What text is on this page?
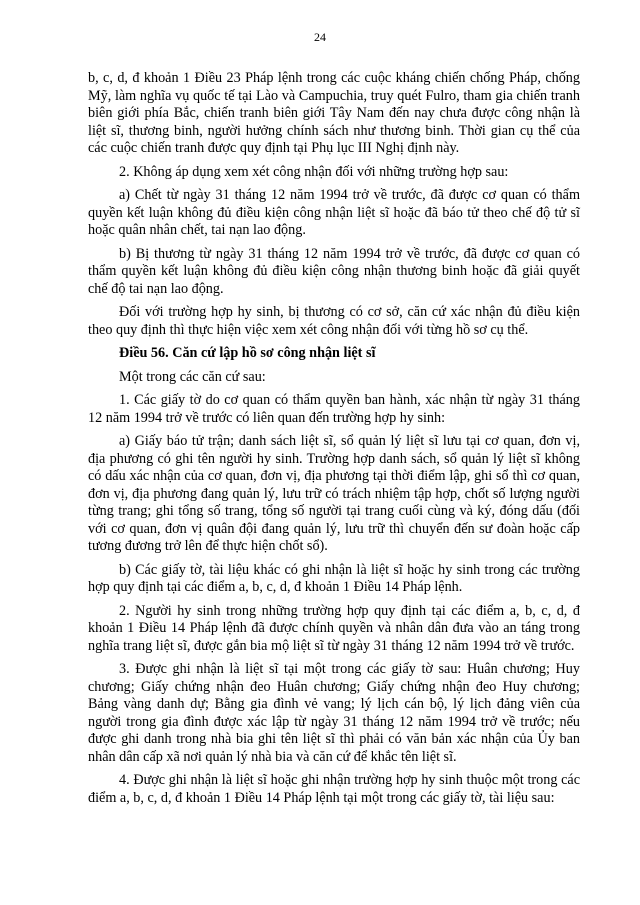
24

b, c, d, đ khoản 1 Điều 23 Pháp lệnh trong các cuộc kháng chiến chống Pháp, chống Mỹ, làm nghĩa vụ quốc tế tại Lào và Campuchia, truy quét Fulro, tham gia chiến tranh biên giới phía Bắc, chiến tranh biên giới Tây Nam đến nay chưa được công nhận là liệt sĩ, thương binh, người hưởng chính sách như thương binh. Thời gian cụ thể của các cuộc chiến tranh được quy định tại Phụ lục III Nghị định này.

2. Không áp dụng xem xét công nhận đối với những trường hợp sau:

a) Chết từ ngày 31 tháng 12 năm 1994 trở về trước, đã được cơ quan có thẩm quyền kết luận không đủ điều kiện công nhận liệt sĩ hoặc đã báo tử theo chế độ tử sĩ hoặc quân nhân chết, tai nạn lao động.

b) Bị thương từ ngày 31 tháng 12 năm 1994 trở về trước, đã được cơ quan có thẩm quyền kết luận không đủ điều kiện công nhận thương binh hoặc đã giải quyết chế độ tai nạn lao động.

Đối với trường hợp hy sinh, bị thương có cơ sở, căn cứ xác nhận đủ điều kiện theo quy định thì thực hiện việc xem xét công nhận đối với từng hồ sơ cụ thể.

Điều 56. Căn cứ lập hồ sơ công nhận liệt sĩ

Một trong các căn cứ sau:

1. Các giấy tờ do cơ quan có thẩm quyền ban hành, xác nhận từ ngày 31 tháng 12 năm 1994 trở về trước có liên quan đến trường hợp hy sinh:

a) Giấy báo tử trận; danh sách liệt sĩ, sổ quản lý liệt sĩ lưu tại cơ quan, đơn vị, địa phương có ghi tên người hy sinh. Trường hợp danh sách, sổ quản lý liệt sĩ không có dấu xác nhận của cơ quan, đơn vị, địa phương tại thời điểm lập, ghi sổ thì cơ quan, đơn vị, địa phương đang quản lý, lưu trữ có trách nhiệm tập hợp, chốt số lượng người từng trang; ghi tổng số trang, tổng số người tại trang cuối cùng và ký, đóng dấu (đối với cơ quan, đơn vị quân đội đang quản lý, lưu trữ thì chuyển đến sư đoàn hoặc cấp tương đương trở lên để thực hiện chốt sổ).

b) Các giấy tờ, tài liệu khác có ghi nhận là liệt sĩ hoặc hy sinh trong các trường hợp quy định tại các điểm a, b, c, d, đ khoản 1 Điều 14 Pháp lệnh.

2. Người hy sinh trong những trường hợp quy định tại các điểm a, b, c, d, đ khoản 1 Điều 14 Pháp lệnh đã được chính quyền và nhân dân đưa vào an táng trong nghĩa trang liệt sĩ, được gắn bia mộ liệt sĩ từ ngày 31 tháng 12 năm 1994 trở về trước.

3. Được ghi nhận là liệt sĩ tại một trong các giấy tờ sau: Huân chương; Huy chương; Giấy chứng nhận đeo Huân chương; Giấy chứng nhận đeo Huy chương; Bảng vàng danh dự; Bằng gia đình vẻ vang; lý lịch cán bộ, lý lịch đảng viên của người trong gia đình được xác lập từ ngày 31 tháng 12 năm 1994 trở về trước; nếu được ghi danh trong nhà bia ghi tên liệt sĩ thì phải có văn bản xác nhận của Ủy ban nhân dân cấp xã nơi quản lý nhà bia và căn cứ để khắc tên liệt sĩ.

4. Được ghi nhận là liệt sĩ hoặc ghi nhận trường hợp hy sinh thuộc một trong các điểm a, b, c, d, đ khoản 1 Điều 14 Pháp lệnh tại một trong các giấy tờ, tài liệu sau:
